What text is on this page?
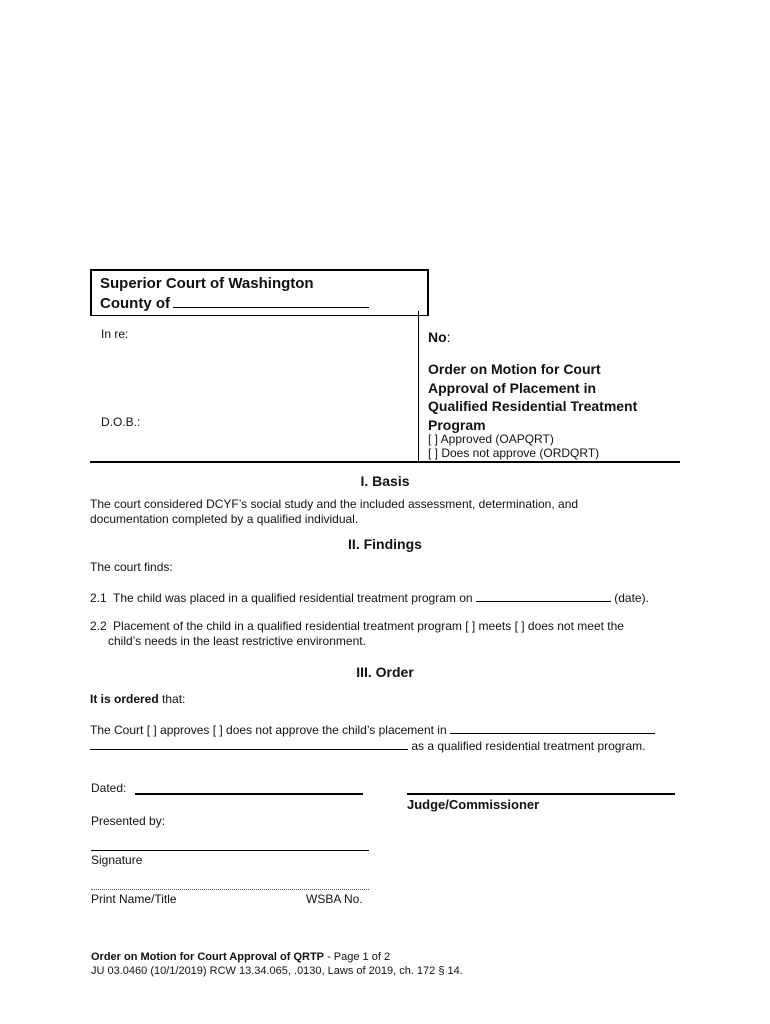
Superior Court of Washington
County of
In re:
D.O.B.:
No:
Order on Motion for Court
Approval of Placement in
Qualified Residential Treatment
Program
[ ] Approved (OAPQRT)
[ ] Does not approve (ORDQRT)
I. Basis
The court considered DCYF’s social study and the included assessment, determination, and
documentation completed by a qualified individual.
II. Findings
The court finds:
2.1 The child was placed in a qualified residential treatment program on	(date).
2.2 Placement of the child in a qualified residential treatment program [ ] meets [ ] does not meet the
child’s needs in the least restrictive environment.
III. Order
It is ordered that:
The Court [ ] approves [ ] does not approve the child’s placement in
as a qualified residential treatment program.
Dated:
Judge/Commissioner
Presented by:
Signature
Print Name/Title	WSBA No.
Order on Motion for Court Approval of QRTP - Page 1 of 2
JU 03.0460 (10/1/2019) RCW 13.34.065, .0130, Laws of 2019, ch. 172 § 14.
